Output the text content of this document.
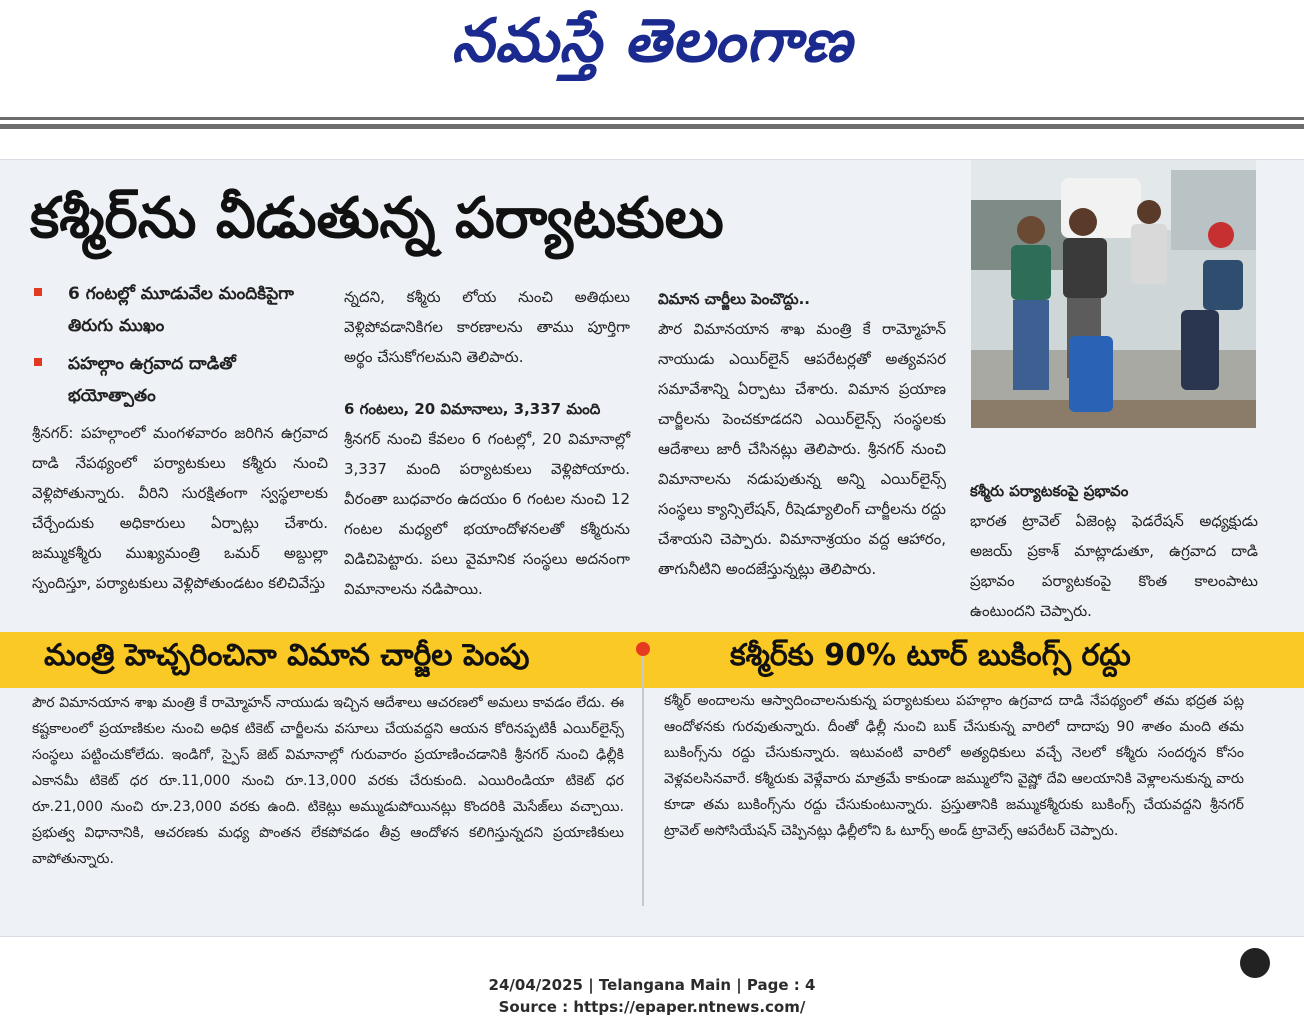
నమస్తే తెలంగాణ
కశ్మీర్‌ను వీడుతున్న పర్యాటకులు
6 గంటల్లో మూడువేల మందికిపైగా తిరుగు ముఖం
పహల్గాం ఉగ్రవాద దాడితో భయోత్పాతం

శ్రీనగర్: పహల్గాంలో మంగళవారం జరిగిన ఉగ్రవాద దాడి నేపథ్యంలో పర్యాటకులు కశ్మీరు నుంచి వెళ్లిపోతున్నారు. వీరిని సురక్షితంగా స్వస్థలాలకు చేర్చేందుకు అధికారులు ఏర్పాట్లు చేశారు. జమ్ముకశ్మీరు ముఖ్యమంత్రి ఒమర్ అబ్దుల్లా స్పందిస్తూ, పర్యాటకులు వెళ్లిపోతుండటం కలిచివేస్తు

న్నదని, కశ్మీరు లోయ నుంచి అతిథులు వెళ్లిపోవడానికిగల కారణాలను తాము పూర్తిగా అర్థం చేసుకోగలమని తెలిపారు.

6 గంటలు, 20 విమానాలు, 3,337 మంది

శ్రీనగర్ నుంచి కేవలం 6 గంటల్లో, 20 విమానాల్లో 3,337 మంది పర్యాటకులు వెళ్లిపోయారు. వీరంతా బుధవారం ఉదయం 6 గంటల నుంచి 12 గంటల మధ్యలో భయాందోళనలతో కశ్మీరును విడిచిపెట్టారు. పలు వైమానిక సంస్థలు అదనంగా విమానాలను నడిపాయి.

విమాన చార్జీలు పెంచొద్దు..

పౌర విమానయాన శాఖ మంత్రి కే రామ్మోహన్ నాయుడు ఎయిర్‌లైన్ ఆపరేటర్లతో అత్యవసర సమావేశాన్ని ఏర్పాటు చేశారు. విమాన ప్రయాణ చార్జీలను పెంచకూడదని ఎయిర్‌లైన్స్ సంస్థలకు ఆదేశాలు జారీ చేసినట్లు తెలిపారు. శ్రీనగర్ నుంచి విమానాలను నడుపుతున్న అన్ని ఎయిర్‌లైన్స్ సంస్థలు క్యాన్సిలేషన్, రీషెడ్యూలింగ్ చార్జీలను రద్దు చేశాయని చెప్పారు. విమానాశ్రయం వద్ద ఆహారం, తాగునీటిని అందజేస్తున్నట్లు తెలిపారు.

కశ్మీరు పర్యాటకంపై ప్రభావం
భారత ట్రావెల్ ఏజెంట్ల ఫెడరేషన్ అధ్యక్షుడు అజయ్ ప్రకాశ్ మాట్లాడుతూ, ఉగ్రవాద దాడి ప్రభావం పర్యాటకంపై కొంత కాలంపాటు ఉంటుందని చెప్పారు.
మంత్రి హెచ్చరించినా విమాన చార్జీల పెంపు	కశ్మీర్‌కు 90% టూర్ బుకింగ్స్ రద్దు
పౌర విమానయాన శాఖ మంత్రి కే రామ్మోహన్ నాయుడు ఇచ్చిన ఆదేశాలు ఆచరణలో అమలు కావడం లేదు. ఈ కష్టకాలంలో ప్రయాణికుల నుంచి అధిక టికెట్ చార్జీలను వసూలు చేయవద్దని ఆయన కోరినప్పటికీ ఎయిర్‌లైన్స్ సంస్థలు పట్టించుకోలేదు. ఇండిగో, స్పైస్ జెట్ విమానాల్లో గురువారం ప్రయాణించడానికి శ్రీనగర్ నుంచి ఢిల్లీకి ఎకానమీ టికెట్ ధర రూ.11,000 నుంచి రూ.13,000 వరకు చేరుకుంది. ఎయిరిండియా టికెట్ ధర రూ.21,000 నుంచి రూ.23,000 వరకు ఉంది. టికెట్లు అమ్ముడుపోయినట్లు కొందరికి మెసేజ్‌లు వచ్చాయి. ప్రభుత్వ విధానానికి, ఆచరణకు మధ్య పొంతన లేకపోవడం తీవ్ర ఆందోళన కలిగిస్తున్నదని ప్రయాణికులు వాపోతున్నారు.
కశ్మీర్ అందాలను ఆస్వాదించాలనుకున్న పర్యాటకులు పహల్గాం ఉగ్రవాద దాడి నేపథ్యంలో తమ భద్రత పట్ల ఆందోళనకు గురవుతున్నారు. దీంతో ఢిల్లీ నుంచి బుక్ చేసుకున్న వారిలో దాదాపు 90 శాతం మంది తమ బుకింగ్స్‌ను రద్దు చేసుకున్నారు. ఇటువంటి వారిలో అత్యధికులు వచ్చే నెలలో కశ్మీరు సందర్శన కోసం వెళ్లవలసినవారే. కశ్మీరుకు వెళ్లేవారు మాత్రమే కాకుండా జమ్ములోని వైష్ణో దేవి ఆలయానికి వెళ్లాలనుకున్న వారు కూడా తమ బుకింగ్స్‌ను రద్దు చేసుకుంటున్నారు. ప్రస్తుతానికి జమ్ముకశ్మీరుకు బుకింగ్స్ చేయవద్దని శ్రీనగర్ ట్రావెల్ అసోసియేషన్ చెప్పినట్లు ఢిల్లీలోని ఓ టూర్స్ అండ్ ట్రావెల్స్ ఆపరేటర్ చెప్పారు.
24/04/2025 | Telangana Main | Page : 4
Source : https://epaper.ntnews.com/
